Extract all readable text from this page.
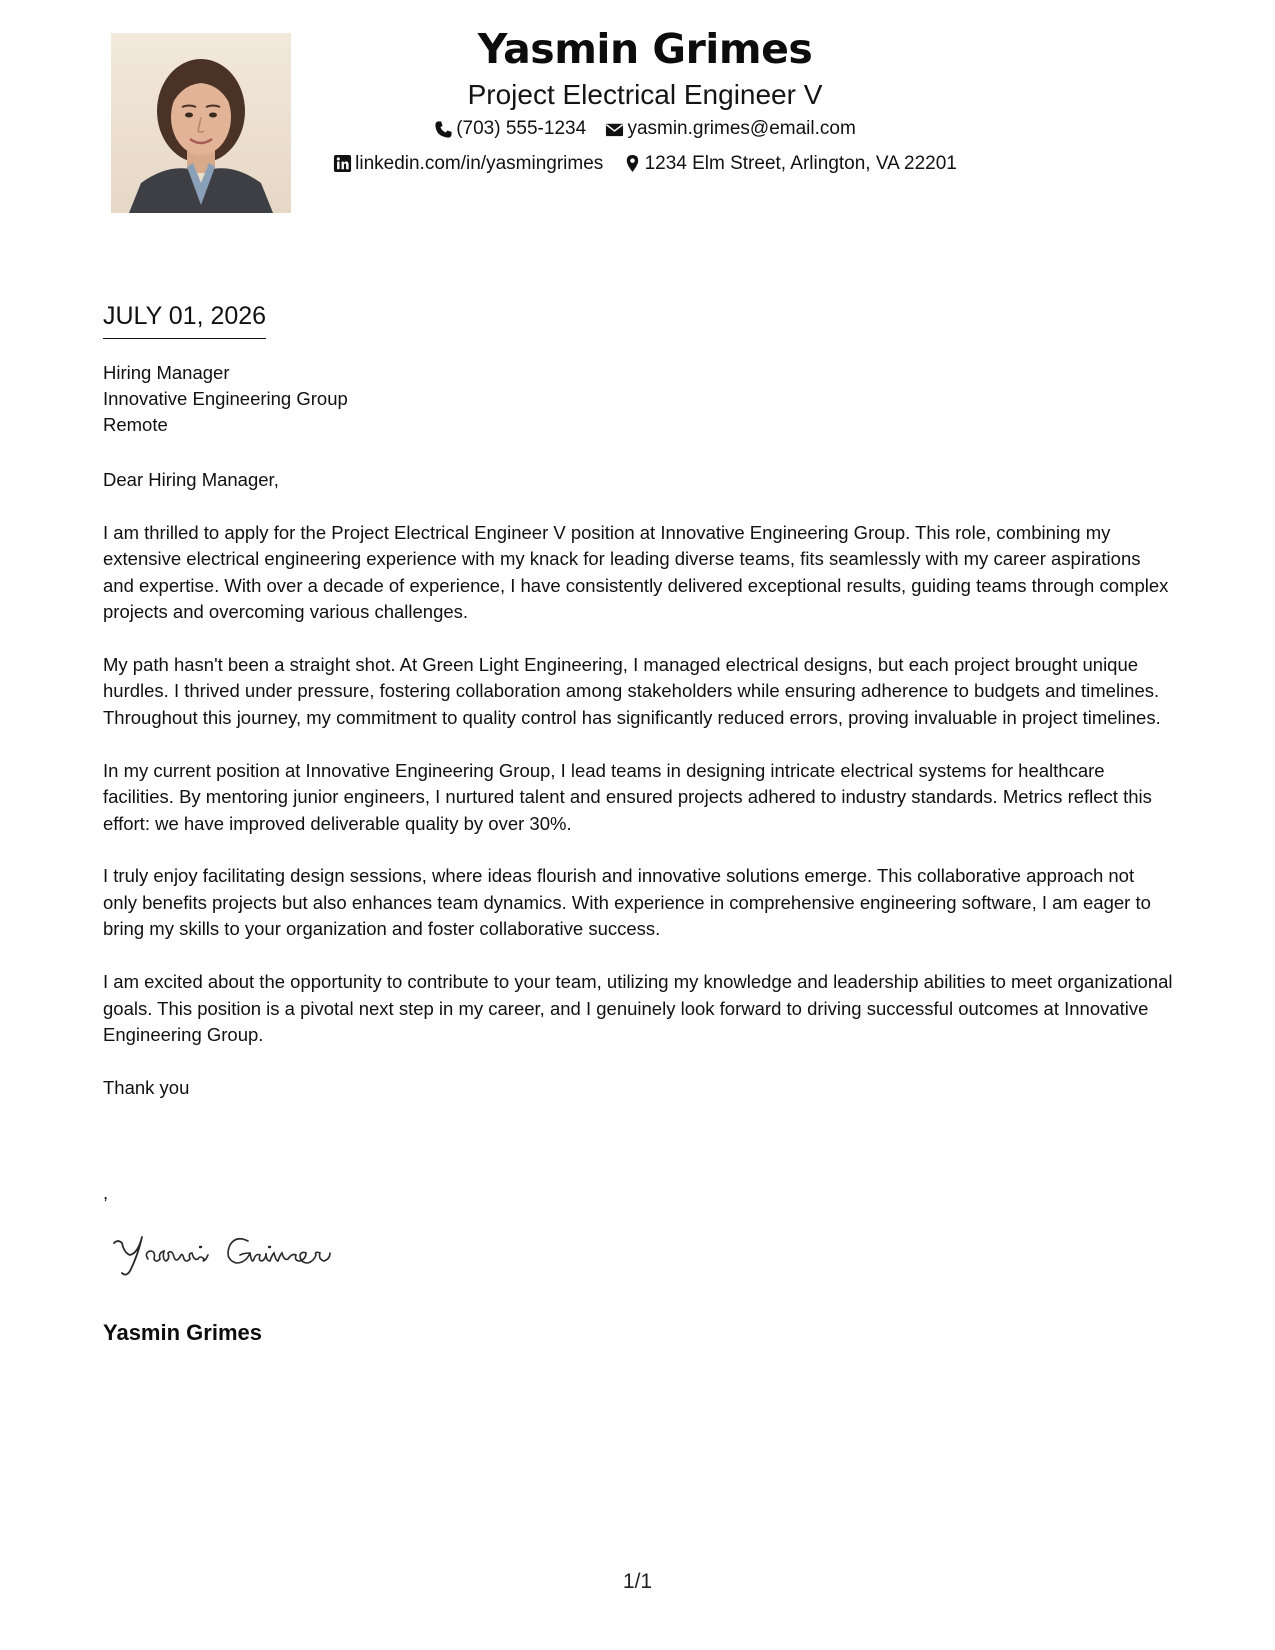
Yasmin Grimes
Project Electrical Engineer V
(703) 555-1234
yasmin.grimes@email.com
linkedin.com/in/yasmingrimes
1234 Elm Street, Arlington, VA 22201
JULY 01, 2026
Hiring Manager
Innovative Engineering Group
Remote

Dear Hiring Manager,

I am thrilled to apply for the Project Electrical Engineer V position at Innovative Engineering Group. This role, combining my extensive electrical engineering experience with my knack for leading diverse teams, fits seamlessly with my career aspirations and expertise. With over a decade of experience, I have consistently delivered exceptional results, guiding teams through complex projects and overcoming various challenges.

My path hasn't been a straight shot. At Green Light Engineering, I managed electrical designs, but each project brought unique hurdles. I thrived under pressure, fostering collaboration among stakeholders while ensuring adherence to budgets and timelines. Throughout this journey, my commitment to quality control has significantly reduced errors, proving invaluable in project timelines.

In my current position at Innovative Engineering Group, I lead teams in designing intricate electrical systems for healthcare facilities. By mentoring junior engineers, I nurtured talent and ensured projects adhered to industry standards. Metrics reflect this effort: we have improved deliverable quality by over 30%.

I truly enjoy facilitating design sessions, where ideas flourish and innovative solutions emerge. This collaborative approach not only benefits projects but also enhances team dynamics. With experience in comprehensive engineering software, I am eager to bring my skills to your organization and foster collaborative success.

I am excited about the opportunity to contribute to your team, utilizing my knowledge and leadership abilities to meet organizational goals. This position is a pivotal next step in my career, and I genuinely look forward to driving successful outcomes at Innovative Engineering Group.

Thank you

,
Yasmin Grimes
1/1
